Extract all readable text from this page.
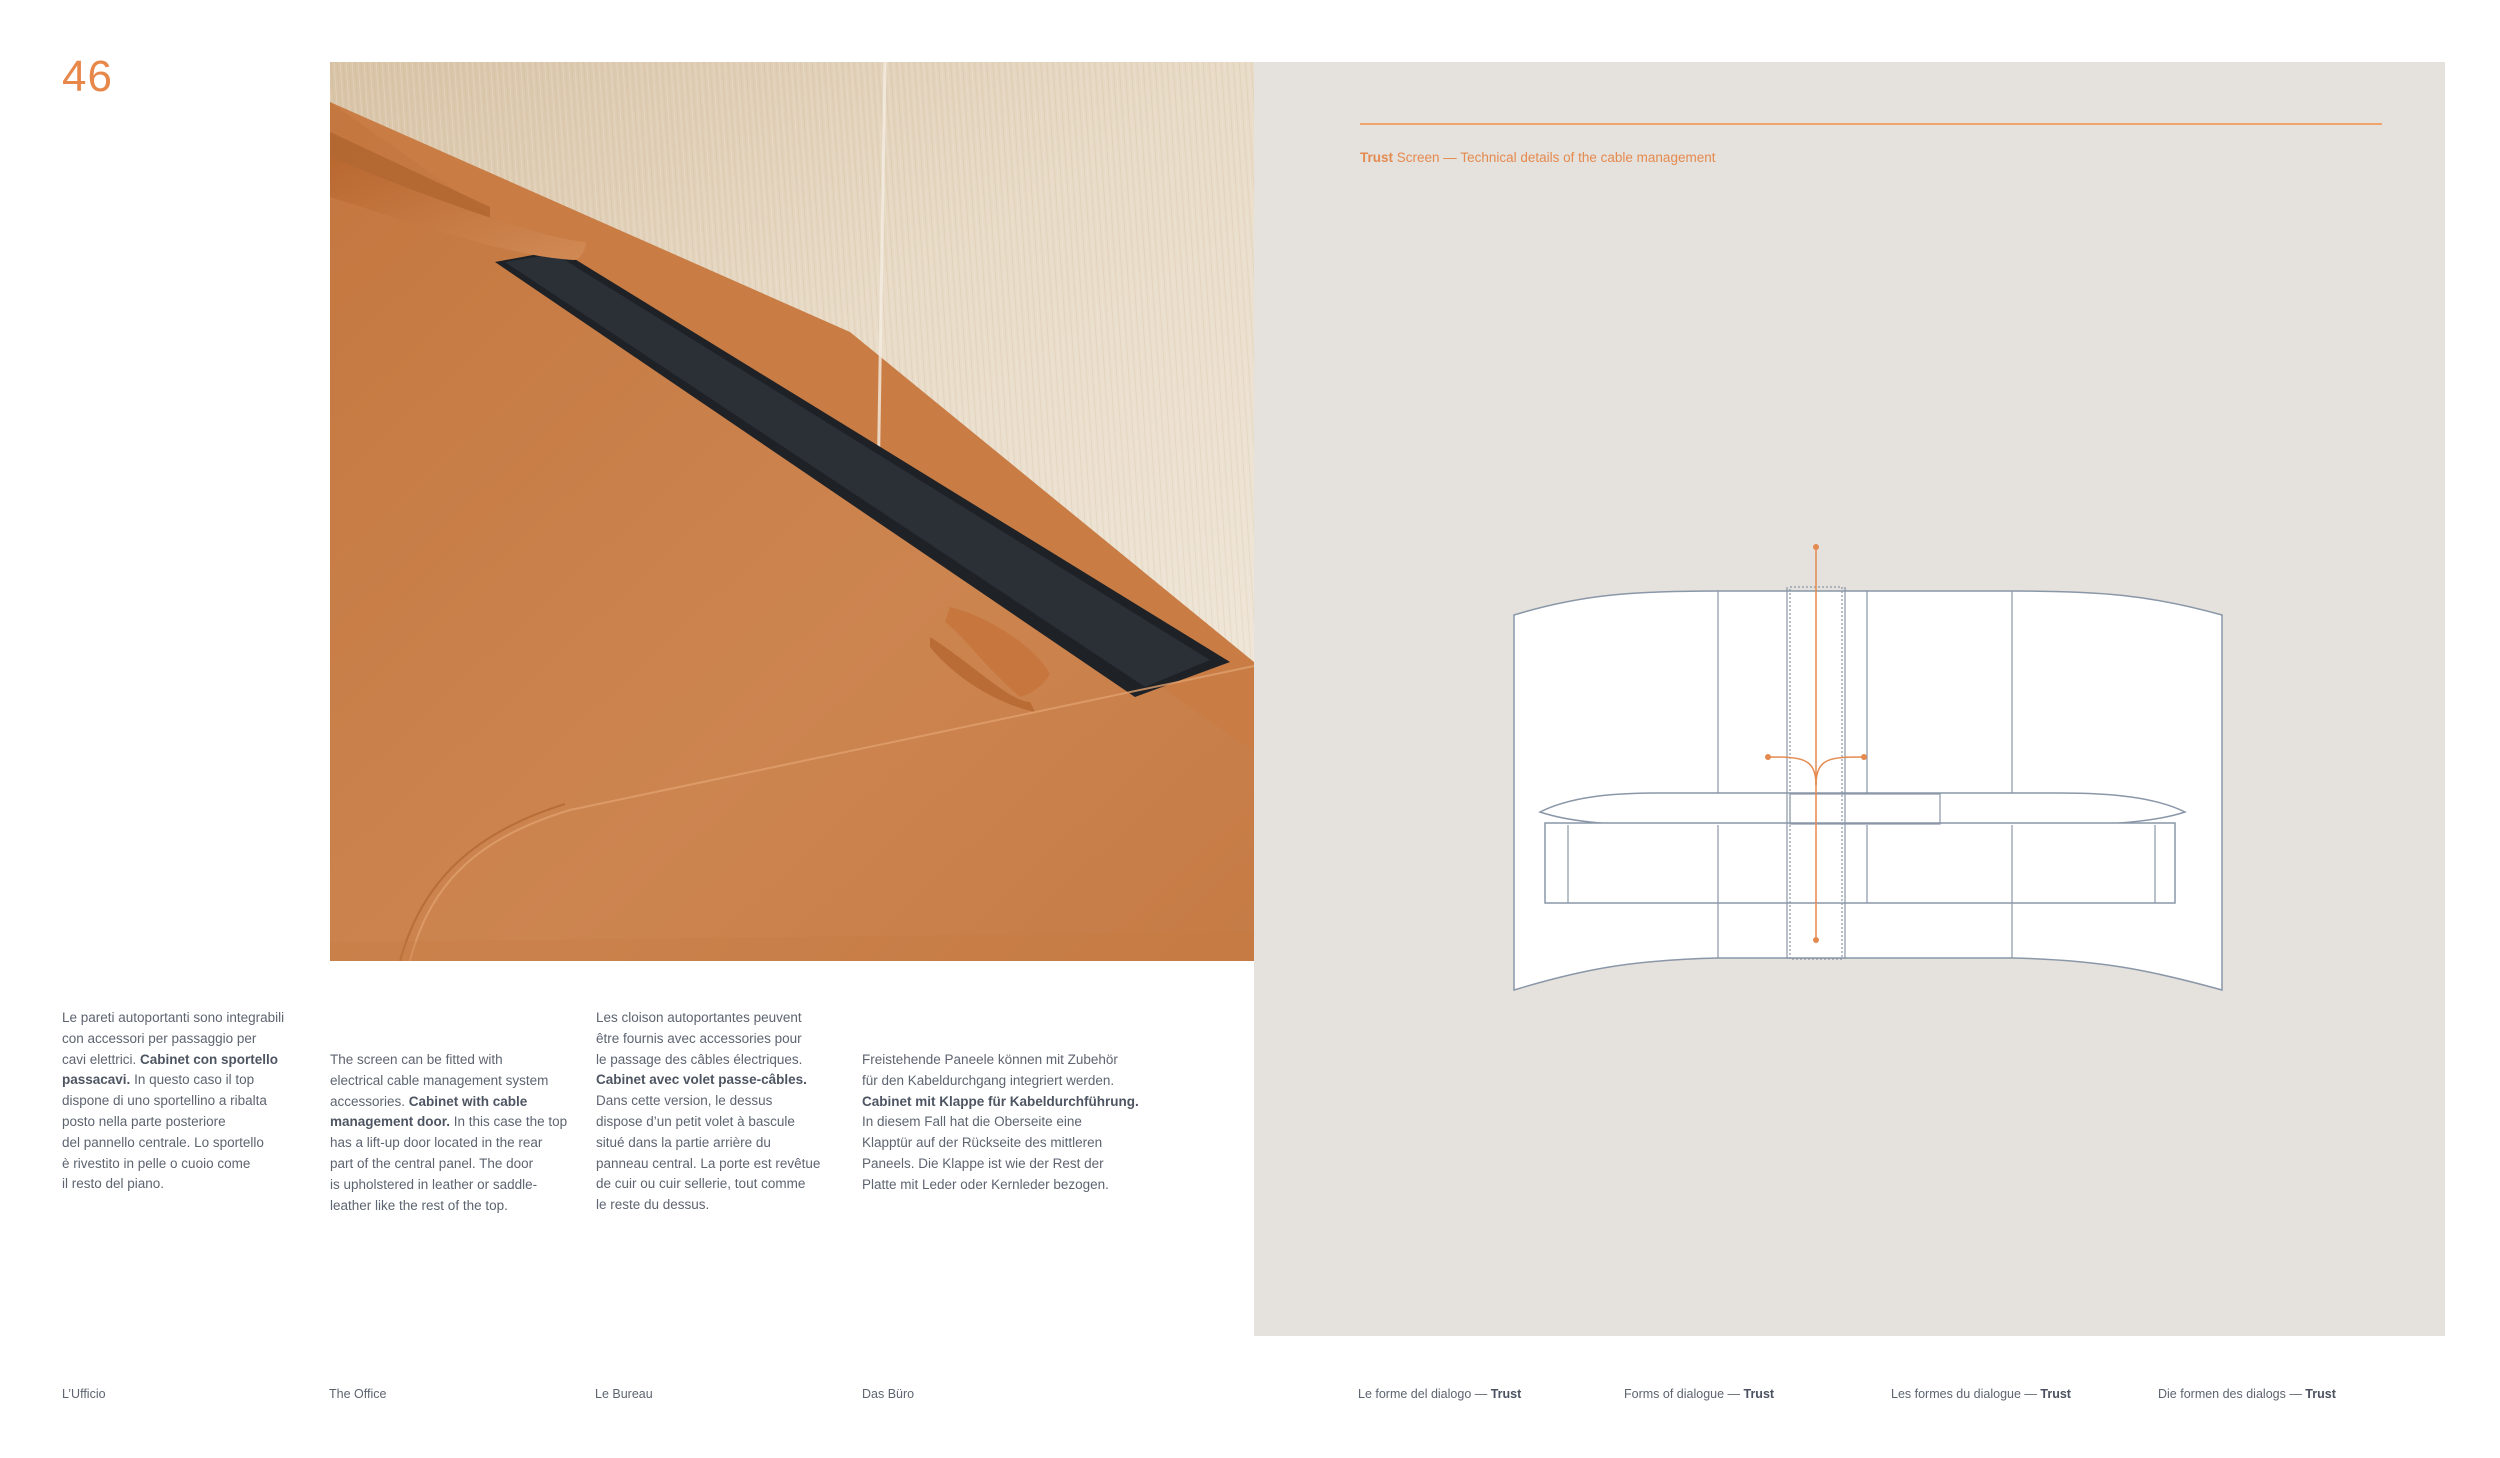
46
Trust Screen — Technical details of the cable management

Le pareti autoportanti sono integrabili

con accessori per passaggio per

cavi elettrici. Cabinet con sportello

passacavi. In questo caso il top

dispone di uno sportellino a ribalta

posto nella parte posteriore

del pannello centrale. Lo sportello

è rivestito in pelle o cuoio come

il resto del piano.

The screen can be fitted with

electrical cable management system

accessories. Cabinet with cable

management door. In this case the top

has a lift-up door located in the rear

part of the central panel. The door

is upholstered in leather or saddle-

leather like the rest of the top.

Les cloison autoportantes peuvent

être fournis avec accessories pour

le passage des câbles électriques.

Cabinet avec volet passe-câbles.

Dans cette version, le dessus

dispose d’un petit volet à bascule

situé dans la partie arrière du

panneau central. La porte est revêtue

de cuir ou cuir sellerie, tout comme

le reste du dessus.

Freistehende Paneele können mit Zubehör

für den Kabeldurchgang integriert werden.

Cabinet mit Klappe für Kabeldurchführung.

In diesem Fall hat die Oberseite eine

Klapptür auf der Rückseite des mittleren

Paneels. Die Klappe ist wie der Rest der

Platte mit Leder oder Kernleder bezogen.

L’Ufficio	The Office	Le Bureau	Das Büro	Le forme del dialogo — Trust	Forms of dialogue — Trust	Les formes du dialogue — Trust	Die formen des dialogs — Trust
